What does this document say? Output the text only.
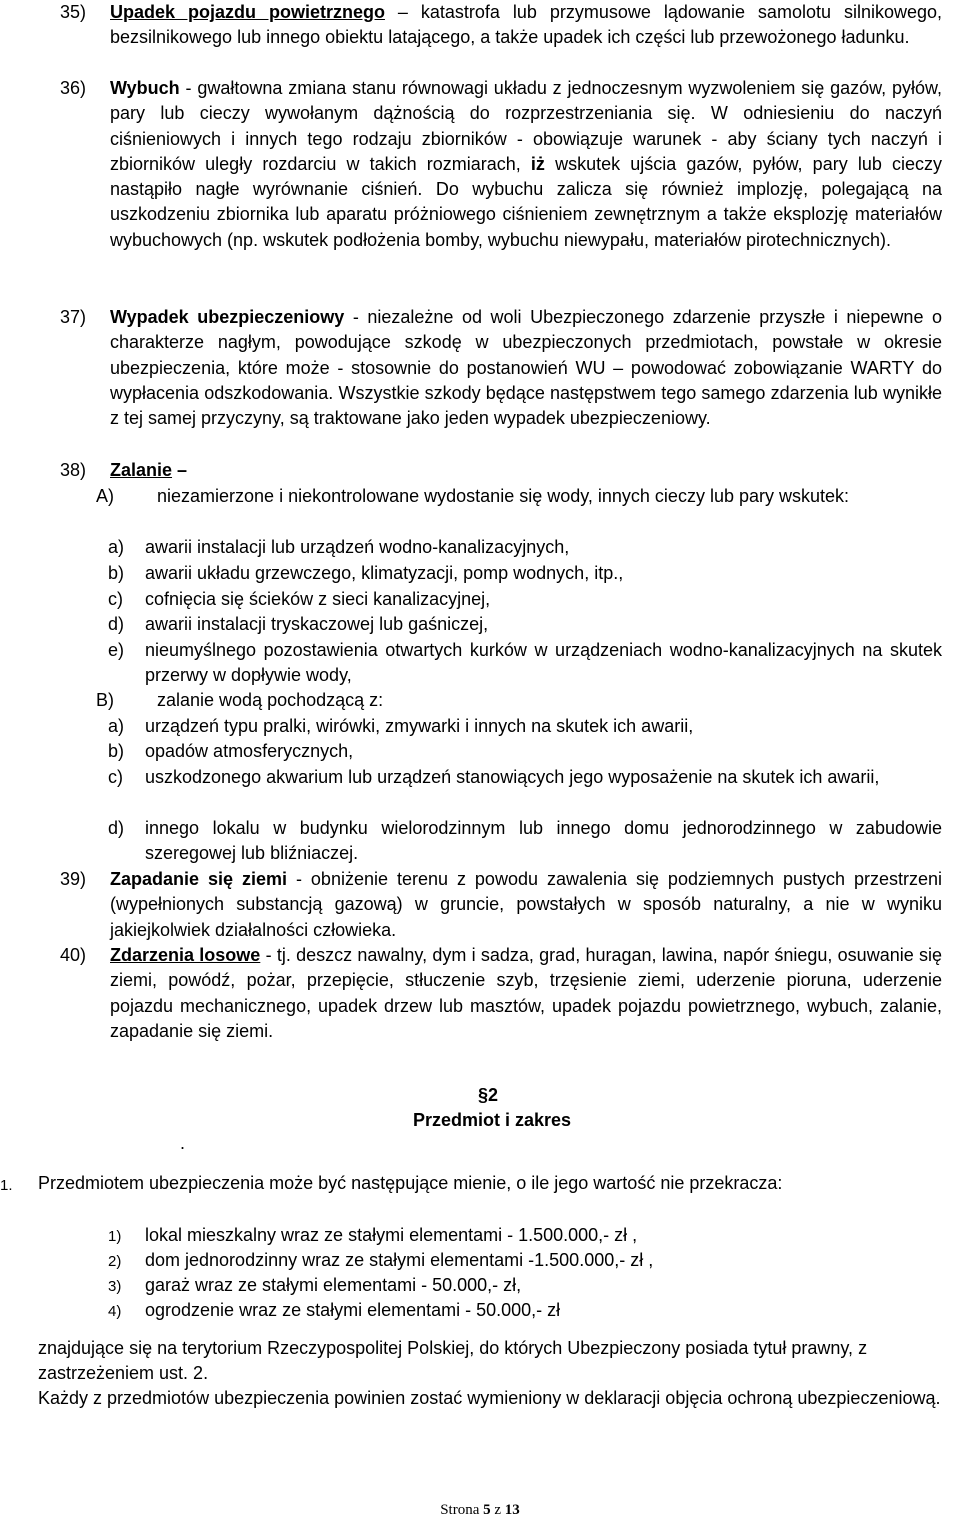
35) Upadek pojazdu powietrznego – katastrofa lub przymusowe lądowanie samolotu silnikowego, bezsilnikowego lub innego obiektu latającego, a także upadek ich części lub przewożonego ładunku.
36) Wybuch - gwałtowna zmiana stanu równowagi układu z jednoczesnym wyzwoleniem się gazów, pyłów, pary lub cieczy wywołanym dążnością do rozprzestrzeniania się. W odniesieniu do naczyń ciśnieniowych i innych tego rodzaju zbiorników - obowiązuje warunek - aby ściany tych naczyń i zbiorników uległy rozdarciu w takich rozmiarach, iż wskutek ujścia gazów, pyłów, pary lub cieczy nastąpiło nagłe wyrównanie ciśnień. Do wybuchu zalicza się również implozję, polegającą na uszkodzeniu zbiornika lub aparatu próżniowego ciśnieniem zewnętrznym a także eksplozję materiałów wybuchowych (np. wskutek podłożenia bomby, wybuchu niewypału, materiałów pirotechnicznych).
37) Wypadek ubezpieczeniowy - niezależne od woli Ubezpieczonego zdarzenie przyszłe i niepewne o charakterze nagłym, powodujące szkodę w ubezpieczonych przedmiotach, powstałe w okresie ubezpieczenia, które może - stosownie do postanowień WU – powodować zobowiązanie WARTY do wypłacenia odszkodowania. Wszystkie szkody będące następstwem tego samego zdarzenia lub wynikłe z tej samej przyczyny, są traktowane jako jeden wypadek ubezpieczeniowy.
38) Zalanie –
A) niezamierzone i niekontrolowane wydostanie się wody, innych cieczy lub pary wskutek:
a) awarii instalacji lub urządzeń wodno-kanalizacyjnych,
b) awarii układu grzewczego, klimatyzacji, pomp wodnych, itp.,
c) cofnięcia się ścieków z sieci kanalizacyjnej,
d) awarii instalacji tryskaczowej lub gaśniczej,
e) nieumyślnego pozostawienia otwartych kurków w urządzeniach wodno-kanalizacyjnych na skutek przerwy w dopływie wody,
B) zalanie wodą pochodzącą z:
a) urządzeń typu pralki, wirówki, zmywarki i innych na skutek ich awarii,
b) opadów atmosferycznych,
c) uszkodzonego akwarium lub urządzeń stanowiących jego wyposażenie na skutek ich awarii,
d) innego lokalu w budynku wielorodzinnym lub innego domu jednorodzinnego w zabudowie szeregowej lub bliźniaczej.
39) Zapadanie się ziemi - obniżenie terenu z powodu zawalenia się podziemnych pustych przestrzeni (wypełnionych substancją gazową) w gruncie, powstałych w sposób naturalny, a nie w wyniku jakiejkolwiek działalności człowieka.
40) Zdarzenia losowe - tj. deszcz nawalny, dym i sadza, grad, huragan, lawina, napór śniegu, osuwanie się ziemi, powódź, pożar, przepięcie, stłuczenie szyb, trzęsienie ziemi, uderzenie pioruna, uderzenie pojazdu mechanicznego, upadek drzew lub masztów, upadek pojazdu powietrznego, wybuch, zalanie, zapadanie się ziemi.
§2
Przedmiot i zakres
.
1. Przedmiotem ubezpieczenia może być następujące mienie, o ile jego wartość nie przekracza:
1) lokal mieszkalny wraz ze stałymi elementami - 1.500.000,- zł ,
2) dom jednorodzinny wraz ze stałymi elementami -1.500.000,- zł ,
3) garaż wraz ze stałymi elementami - 50.000,- zł,
4) ogrodzenie wraz ze stałymi elementami - 50.000,- zł
znajdujące się na terytorium Rzeczypospolitej Polskiej, do których Ubezpieczony posiada tytuł prawny, z zastrzeżeniem ust. 2.
Każdy z przedmiotów ubezpieczenia powinien zostać wymieniony w deklaracji objęcia ochroną ubezpieczeniową.
Strona 5 z 13
